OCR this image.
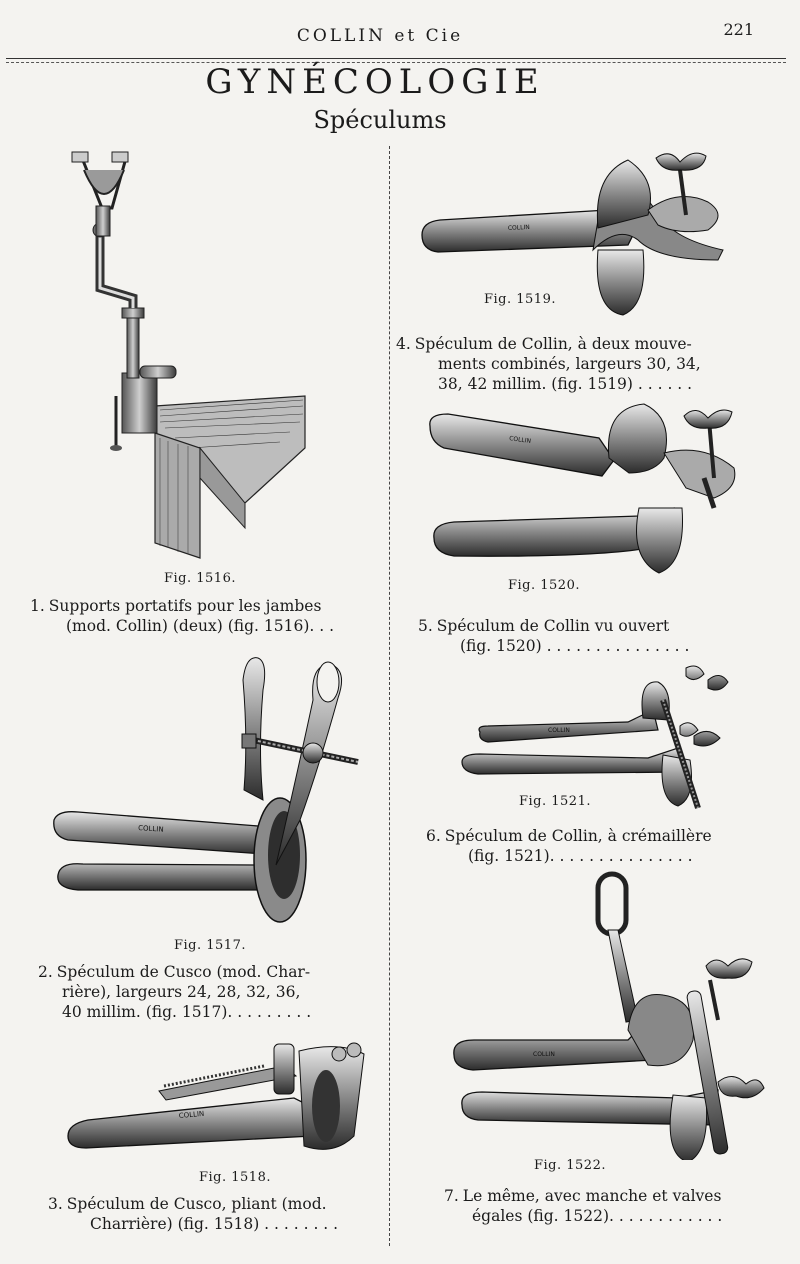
COLLIN et Cie	221
GYNÉCOLOGIE
Spéculums
Fig. 1516.
1. Supports portatifs pour les jambes
(mod. Collin) (deux) (fig. 1516). . .
COLLIN
Fig. 1517.
2. Spéculum de Cusco (mod. Char-
rière), largeurs 24, 28, 32, 36,
40 millim. (fig. 1517). . . . . . . . .
COLLIN
Fig. 1518.
3. Spéculum de Cusco, pliant (mod.
Charrière) (fig. 1518) . . . . . . . .
COLLIN
Fig. 1519.
4. Spéculum de Collin, à deux mouve-
ments combinés, largeurs 30, 34,
38, 42 millim. (fig. 1519) . . . . . .
COLLIN
Fig. 1520.
5. Spéculum de Collin vu ouvert
(fig. 1520) . . . . . . . . . . . . . . .
COLLIN
Fig. 1521.
6. Spéculum de Collin, à crémaillère
(fig. 1521). . . . . . . . . . . . . . .
COLLIN
Fig. 1522.
7. Le même, avec manche et valves
égales (fig. 1522). . . . . . . . . . . .
